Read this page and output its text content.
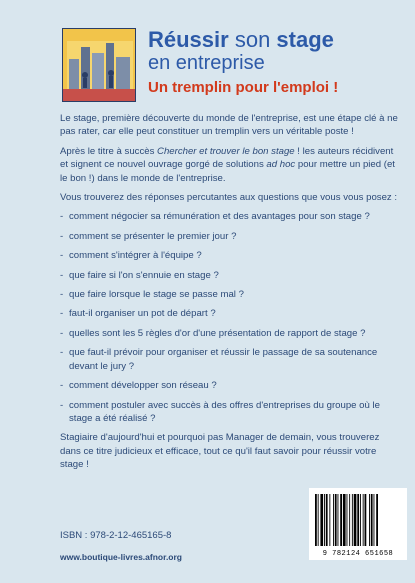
Réussir son stage
en entreprise
Un tremplin pour l'emploi !

Le stage, première découverte du monde de l'entreprise, est une étape clé à ne pas rater, car elle peut constituer un tremplin vers un véritable poste !

Après le titre à succès Chercher et trouver le bon stage ! les auteurs récidivent et signent ce nouvel ouvrage gorgé de solutions ad hoc pour mettre un pied (et le bon !) dans le monde de l'entreprise.

Vous trouverez des réponses percutantes aux questions que vous vous posez :

- comment négocier sa rémunération et des avantages pour son stage ?
- comment se présenter le premier jour ?
- comment s'intégrer à l'équipe ?
- que faire si l'on s'ennuie en stage ?
- que faire lorsque le stage se passe mal ?
- faut-il organiser un pot de départ ?
- quelles sont les 5 règles d'or d'une présentation de rapport de stage ?
- que faut-il prévoir pour organiser et réussir le passage de sa soutenance devant le jury ?
- comment développer son réseau ?
- comment postuler avec succès à des offres d'entreprises du groupe où le stage a été réalisé ?

Stagiaire d'aujourd'hui et pourquoi pas Manager de demain, vous trouverez dans ce titre judicieux et efficace, tout ce qu'il faut savoir pour réussir votre stage !

ISBN : 978-2-12-465165-8
www.boutique-livres.afnor.org	9 782124 651658
